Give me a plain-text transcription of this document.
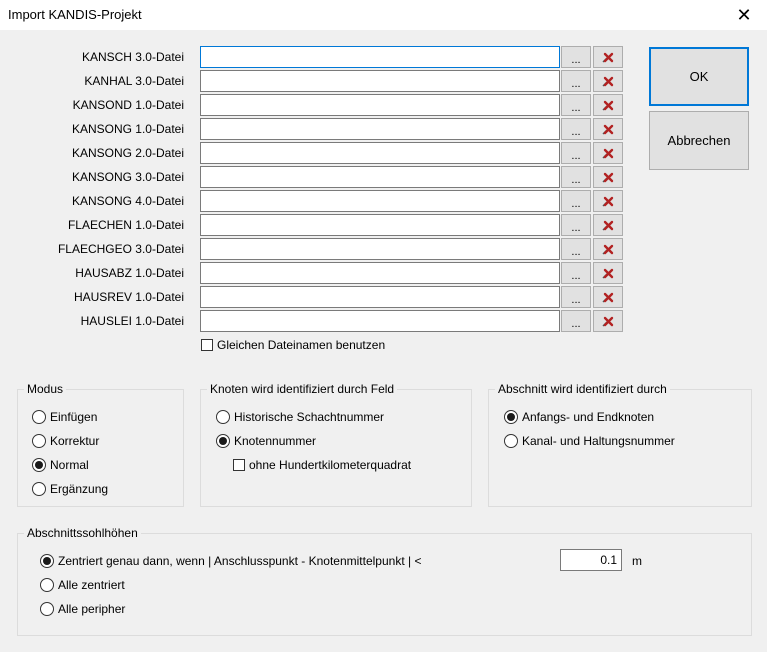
Import KANDIS-Projekt	✕
KANSCH 3.0-Datei	...
KANHAL 3.0-Datei	...
KANSOND 1.0-Datei	...
KANSONG 1.0-Datei	...
KANSONG 2.0-Datei	...
KANSONG 3.0-Datei	...
KANSONG 4.0-Datei	...
FLAECHEN 1.0-Datei	...
FLAECHGEO 3.0-Datei	...
HAUSABZ 1.0-Datei	...
HAUSREV 1.0-Datei	...
HAUSLEI 1.0-Datei	...
OK
Abbrechen
Gleichen Dateinamen benutzen
Modus
Einfügen
Korrektur
Normal
Ergänzung
Knoten wird identifiziert durch Feld
Historische Schachtnummer
Knotennummer
ohne Hundertkilometerquadrat
Abschnitt wird identifiziert durch
Anfangs- und Endknoten
Kanal- und Haltungsnummer
Abschnittssohlhöhen
Zentriert genau dann, wenn | Anschlusspunkt - Knotenmittelpunkt | <
Alle zentriert
Alle peripher
0.1	m
